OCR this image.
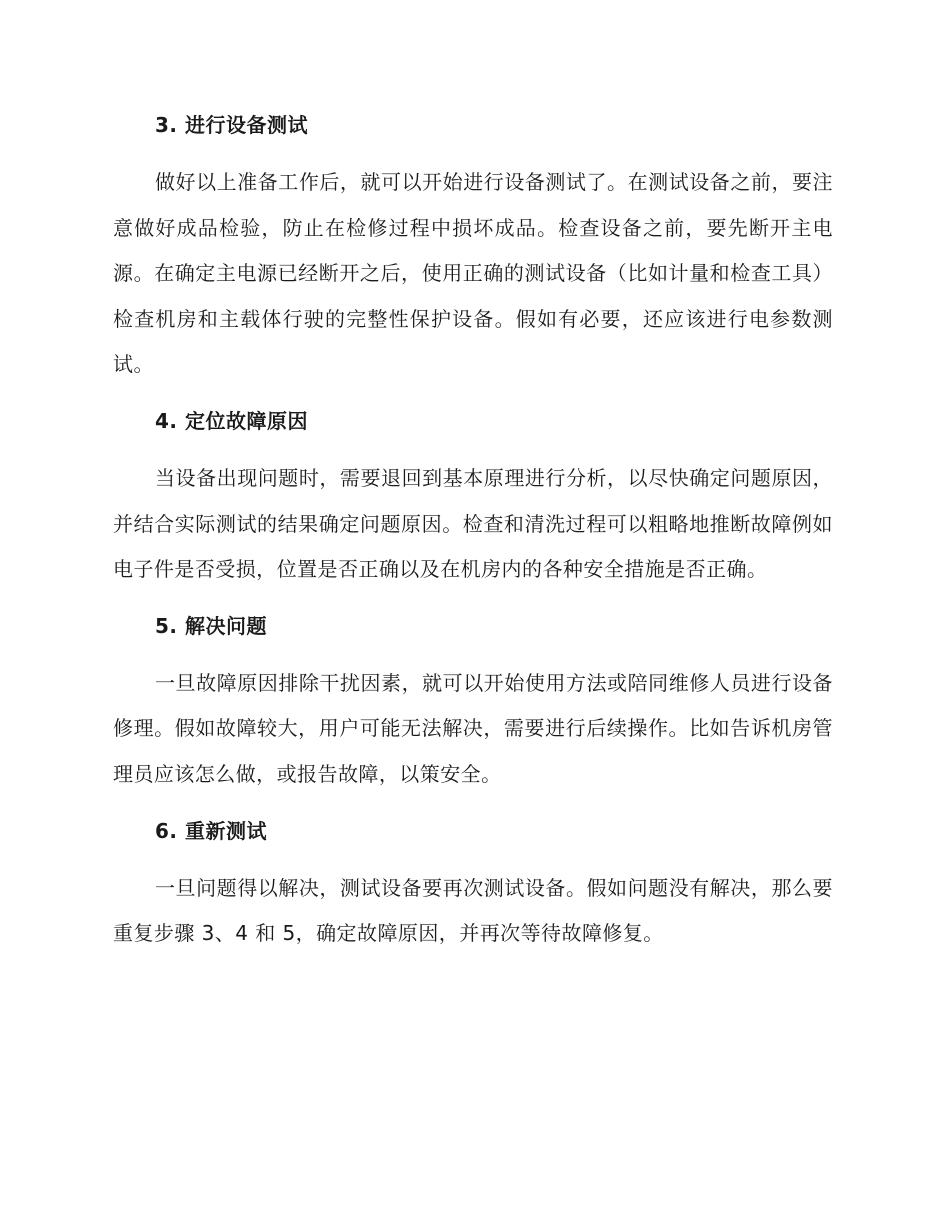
3. 进行设备测试

做好以上准备工作后，就可以开始进行设备测试了。在测试设备之前，要注意做好成品检验，防止在检修过程中损坏成品。检查设备之前，要先断开主电源。在确定主电源已经断开之后，使用正确的测试设备（比如计量和检查工具）检查机房和主载体行驶的完整性保护设备。假如有必要，还应该进行电参数测试。

4. 定位故障原因

当设备出现问题时，需要退回到基本原理进行分析，以尽快确定问题原因，并结合实际测试的结果确定问题原因。检查和清洗过程可以粗略地推断故障例如电子件是否受损，位置是否正确以及在机房内的各种安全措施是否正确。

5. 解决问题

一旦故障原因排除干扰因素，就可以开始使用方法或陪同维修人员进行设备修理。假如故障较大，用户可能无法解决，需要进行后续操作。比如告诉机房管理员应该怎么做，或报告故障，以策安全。

6. 重新测试

一旦问题得以解决，测试设备要再次测试设备。假如问题没有解决，那么要重复步骤 3、4 和 5，确定故障原因，并再次等待故障修复。
